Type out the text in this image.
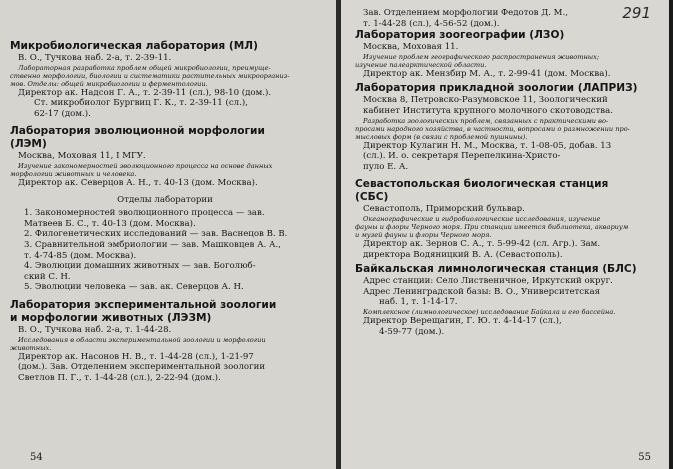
Микробиологическая лаборатория (МЛ)

В. О., Тучкова наб. 2-а, т. 2-39-11.

Лабораторная разработка проблем общей микробиологии, преимуще-

ственно морфологии, биологии и систематики растительных микроорганиз-

мов. Отделы: общей микробиологии и ферментологии.

Директор ак. Надсон Г. А., т. 2-39-11 (сл.), 98-10 (дом.).

Ст. микробиолог Бургвиц Г. К., т. 2-39-11 (сл.),

62-17 (дом.).

Лаборатория эволюционной морфологии

(ЛЭМ)

Москва, Моховая 11, I МГУ.

Изучение закономерностей эволюционного процесса на основе данных

морфологии животных и человека.

Директор ак. Северцов А. Н., т. 40-13 (дом. Москва).

Отделы лаборатории

1. Закономерностей эволюционного процесса — зав.

Матвеев Б. С., т. 40-13 (дом. Москва).

2. Филогенетических исследований — зав. Васнецов В. В.

3. Сравнительной эмбриологии — зав. Машковцев А. А.,

т. 4-74-85 (дом. Москва).

4. Эволюции домашних животных — зав. Боголюб-

ский С. Н.

5. Эволюции человека — зав. ак. Северцов А. Н.

Лаборатория экспериментальной зоологии

и морфологии животных (ЛЭЗМ)

В. О., Тучкова наб. 2-а, т. 1-44-28.

Исследования в области экспериментальной зоологии и морфологии

животных.

Директор ак. Насонов Н. В., т. 1-44-28 (сл.), 1-21-97

(дом.). Зав. Отделением экспериментальной зоологии

Светлов П. Г., т. 1-44-28 (сл.), 2-22-94 (дом.).

54
291

Зав. Отделением морфологии Федотов Д. М.,

т. 1-44-28 (сл.), 4-56-52 (дом.).

Лаборатория зоогеографии (ЛЗО)

Москва, Моховая 11.

Изучение проблем географического распространения животных;

изучение палеарктической области.

Директор ак. Мензбир М. А., т. 2-99-41 (дом. Москва).

Лаборатория прикладной зоологии (ЛАПРИЗ)

Москва 8, Петровско-Разумовское 11, Зоологический

кабинет Института крупного молочного скотоводства.

Разработка зоологических проблем, связанных с практическими во-

просами народного хозяйства, в частности, вопросами о размножении про-

мысловых форм (в связи с проблемой пушнины).

Директор Кулагин Н. М., Москва, т. 1-08-05, добав. 13

(сл.). И. о. секретаря Перепелкина-Христо-

пуло Е. А.

Севастопольская биологическая станция

(СБС)

Севастополь, Приморский бульвар.

Океанографические и гидробиологические исследования, изучение

фауны и флоры Черного моря. При станции имеется библиотека, аквариум

и музей фауны и флоры Черного моря.

Директор ак. Зернов С. А., т. 5-99-42 (сл. Агр.). Зам.

директора Водяницкий В. А. (Севастополь).

Байкальская лимнологическая станция (БЛС)

Адрес станции: Село Лиственичное, Иркутский округ.

Адрес Ленинградской базы: В. О., Университетская

наб. 1, т. 1-14-17.

Комплексное (лимнологическое) исследование Байкала и его бассейна.

Директор Верещагин, Г. Ю. т. 4-14-17 (сл.),

4-59-77 (дом.).

55
